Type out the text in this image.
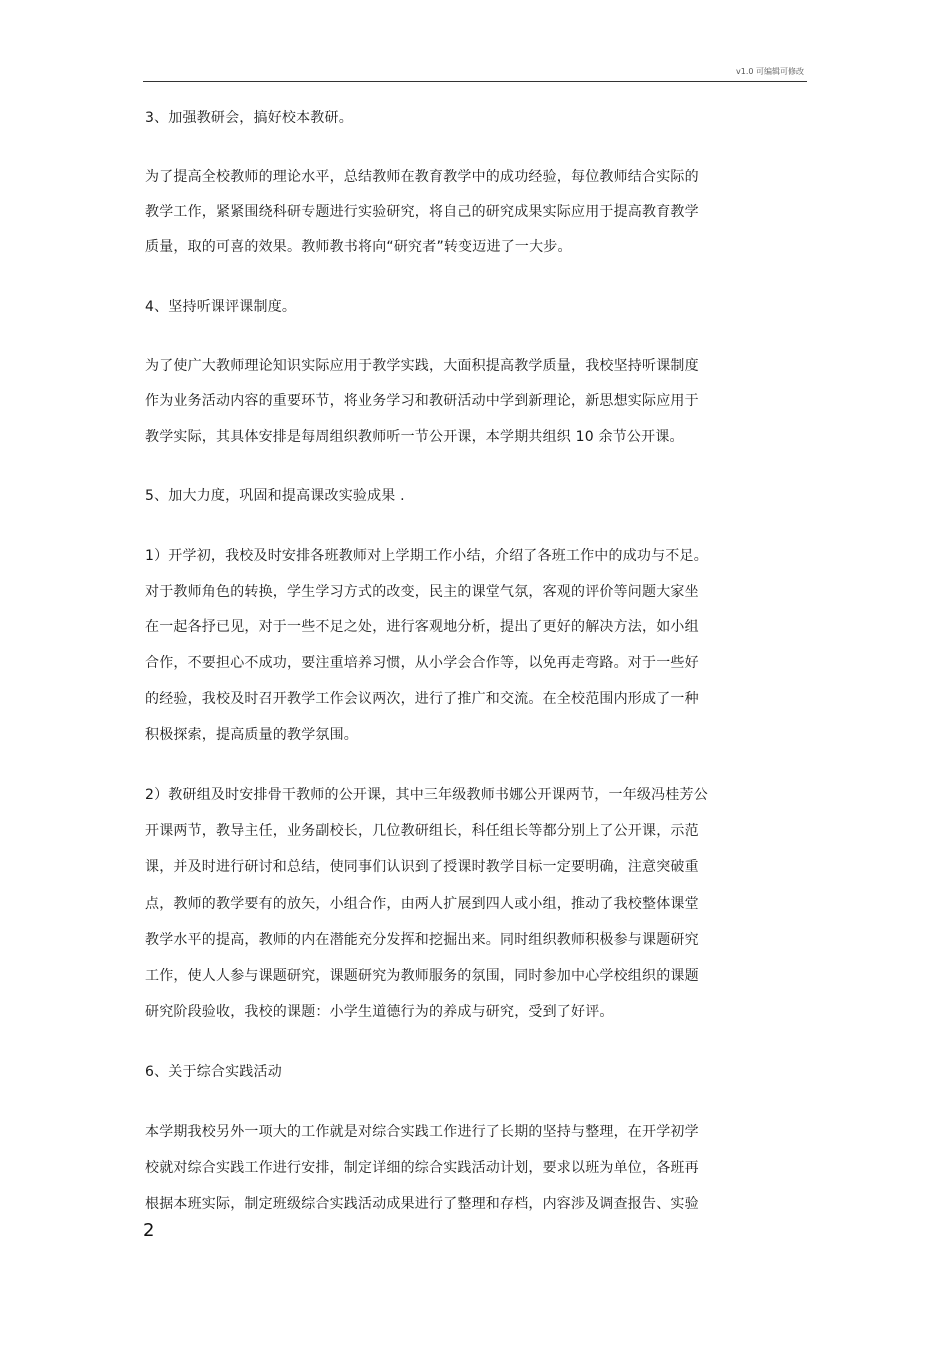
v1.0 可编辑可修改
3、加强教研会，搞好校本教研。
为了提高全校教师的理论水平，总结教师在教育教学中的成功经验，每位教师结合实际的
教学工作，紧紧围绕科研专题进行实验研究，将自己的研究成果实际应用于提高教育教学
质量，取的可喜的效果。教师教书将向“研究者”转变迈进了一大步。
4、坚持听课评课制度。
为了使广大教师理论知识实际应用于教学实践，大面积提高教学质量，我校坚持听课制度
作为业务活动内容的重要环节，将业务学习和教研活动中学到新理论，新思想实际应用于
教学实际，其具体安排是每周组织教师听一节公开课，本学期共组织 10 余节公开课。
5、加大力度，巩固和提高课改实验成果 .
1）开学初，我校及时安排各班教师对上学期工作小结，介绍了各班工作中的成功与不足。
对于教师角色的转换，学生学习方式的改变，民主的课堂气氛，客观的评价等问题大家坐
在一起各抒已见，对于一些不足之处，进行客观地分析，提出了更好的解决方法，如小组
合作，不要担心不成功，要注重培养习惯，从小学会合作等，以免再走弯路。对于一些好
的经验，我校及时召开教学工作会议两次，进行了推广和交流。在全校范围内形成了一种
积极探索，提高质量的教学氛围。
2）教研组及时安排骨干教师的公开课，其中三年级教师书娜公开课两节，一年级冯桂芳公
开课两节，教导主任，业务副校长，几位教研组长，科任组长等都分别上了公开课，示范
课，并及时进行研讨和总结，使同事们认识到了授课时教学目标一定要明确，注意突破重
点，教师的教学要有的放矢，小组合作，由两人扩展到四人或小组，推动了我校整体课堂
教学水平的提高，教师的内在潜能充分发挥和挖掘出来。同时组织教师积极参与课题研究
工作，使人人参与课题研究，课题研究为教师服务的氛围，同时参加中心学校组织的课题
研究阶段验收，我校的课题：小学生道德行为的养成与研究，受到了好评。
6、关于综合实践活动
本学期我校另外一项大的工作就是对综合实践工作进行了长期的坚持与整理，在开学初学
校就对综合实践工作进行安排，制定详细的综合实践活动计划，要求以班为单位，各班再
根据本班实际，制定班级综合实践活动成果进行了整理和存档，内容涉及调查报告、实验
2
